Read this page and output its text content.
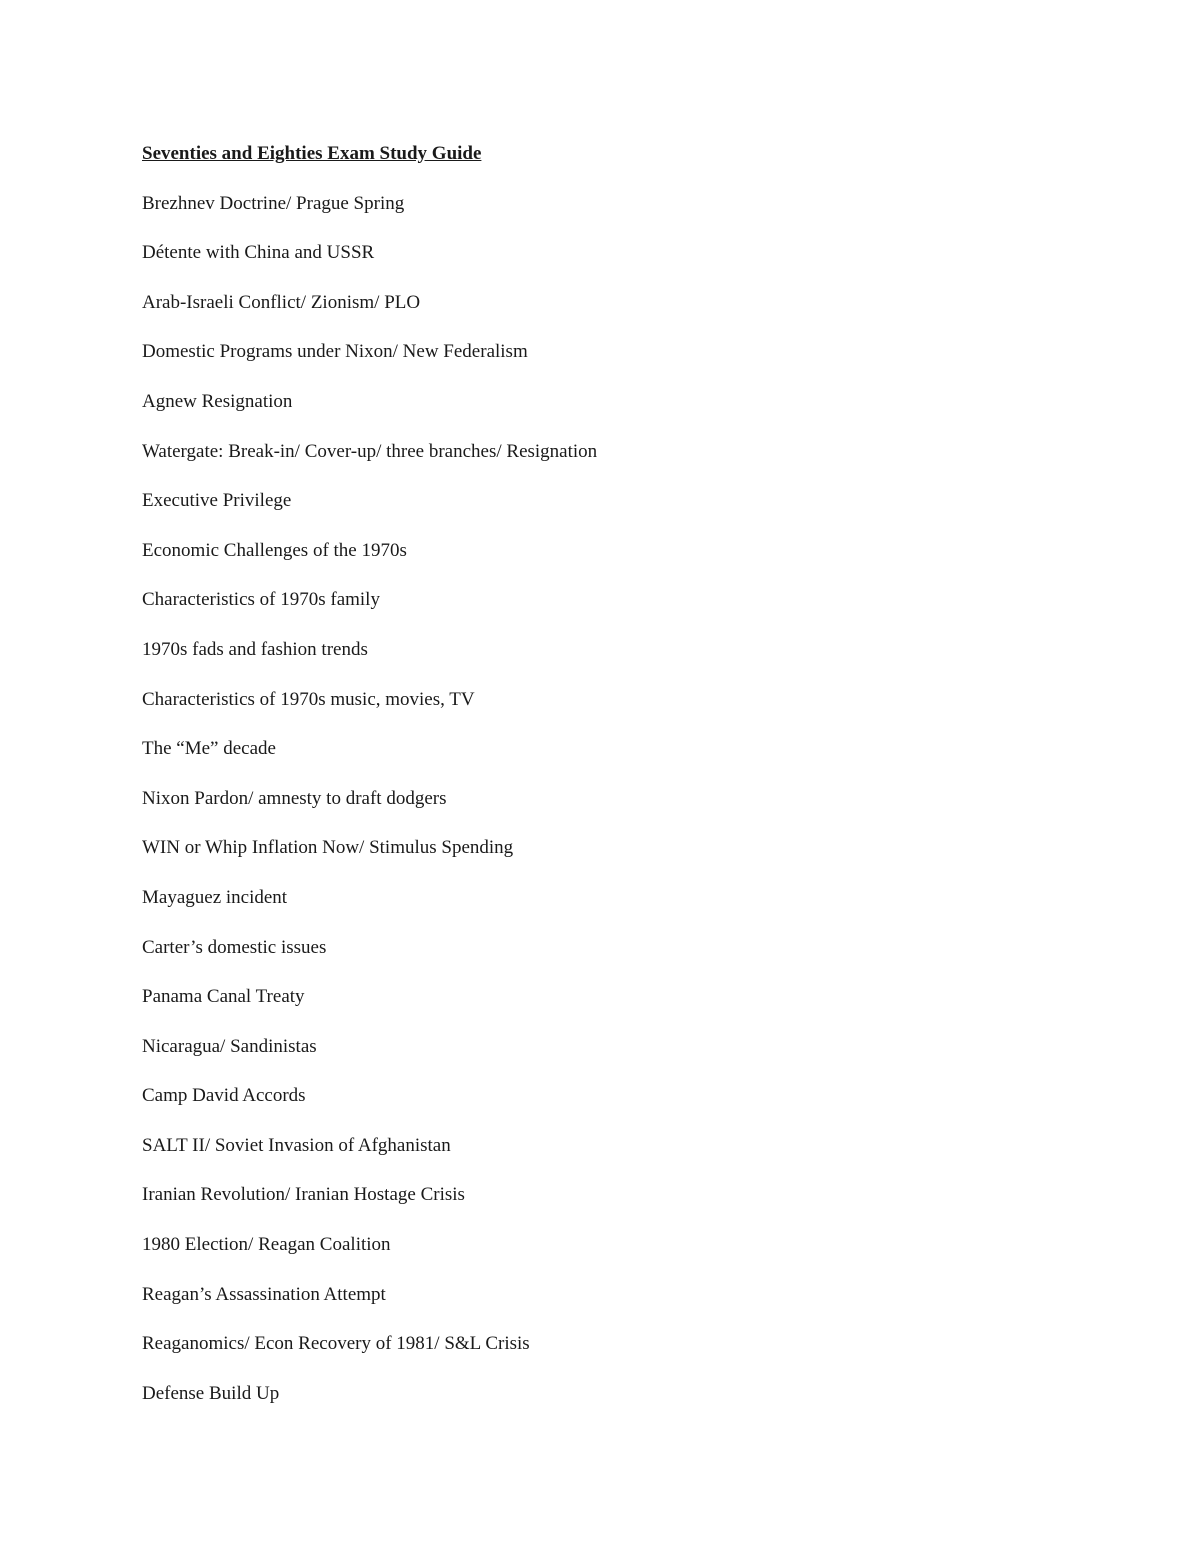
Seventies and Eighties Exam Study Guide
Brezhnev Doctrine/ Prague Spring
Détente with China and USSR
Arab-Israeli Conflict/ Zionism/ PLO
Domestic Programs under Nixon/ New Federalism
Agnew Resignation
Watergate: Break-in/ Cover-up/ three branches/ Resignation
Executive Privilege
Economic Challenges of the 1970s
Characteristics of 1970s family
1970s fads and fashion trends
Characteristics of 1970s music, movies, TV
The “Me” decade
Nixon Pardon/ amnesty to draft dodgers
WIN or Whip Inflation Now/ Stimulus Spending
Mayaguez incident
Carter’s domestic issues
Panama Canal Treaty
Nicaragua/ Sandinistas
Camp David Accords
SALT II/ Soviet Invasion of Afghanistan
Iranian Revolution/ Iranian Hostage Crisis
1980 Election/ Reagan Coalition
Reagan’s Assassination Attempt
Reaganomics/ Econ Recovery of 1981/ S&L Crisis
Defense Build Up
